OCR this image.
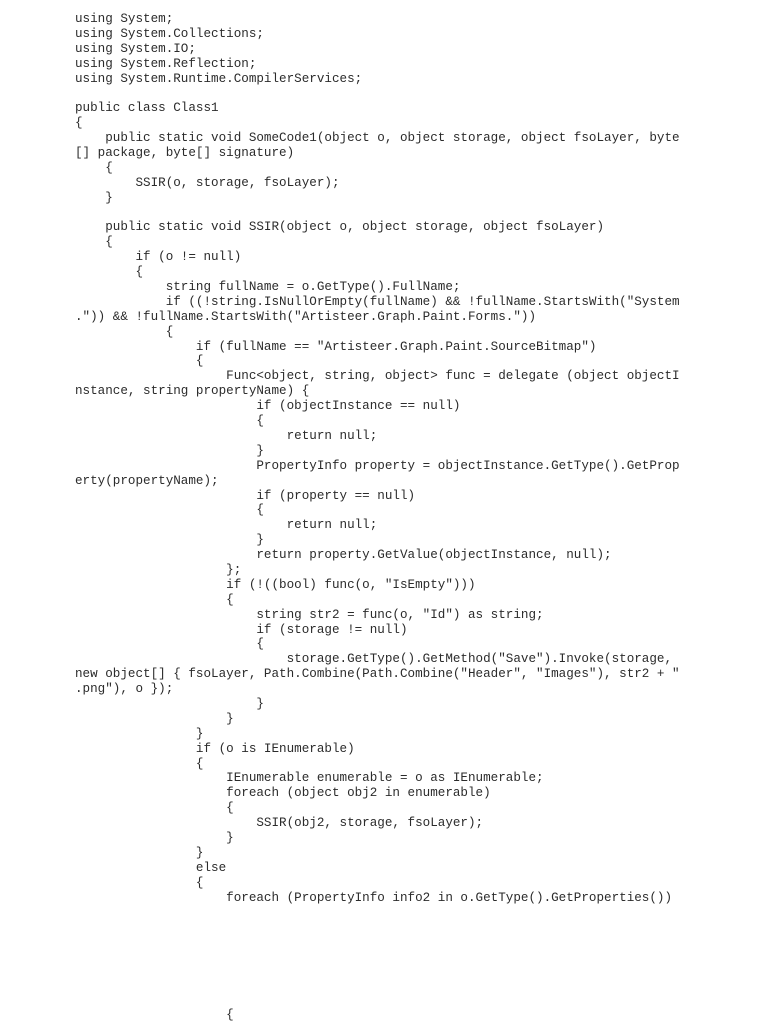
using System;
using System.Collections;
using System.IO;
using System.Reflection;
using System.Runtime.CompilerServices;
public class Class1
{
public static void SomeCode1(object o, object storage, object fsoLayer, byte
[] package, byte[] signature)
{
SSIR(o, storage, fsoLayer);
}
public static void SSIR(object o, object storage, object fsoLayer)
{
if (o != null)
{
string fullName = o.GetType().FullName;
if ((!string.IsNullOrEmpty(fullName) && !fullName.StartsWith("System
.")) && !fullName.StartsWith("Artisteer.Graph.Paint.Forms."))
{
if (fullName == "Artisteer.Graph.Paint.SourceBitmap")
{
Func<object, string, object> func = delegate (object objectI
nstance, string propertyName) {
if (objectInstance == null)
{
return null;
}
PropertyInfo property = objectInstance.GetType().GetProp
erty(propertyName);
if (property == null)
{
return null;
}
return property.GetValue(objectInstance, null);
};
if (!((bool) func(o, "IsEmpty")))
{
string str2 = func(o, "Id") as string;
if (storage != null)
{
storage.GetType().GetMethod("Save").Invoke(storage,
new object[] { fsoLayer, Path.Combine(Path.Combine("Header", "Images"), str2 + "
.png"), o });
}
}
}
if (o is IEnumerable)
{
IEnumerable enumerable = o as IEnumerable;
foreach (object obj2 in enumerable)
{
SSIR(obj2, storage, fsoLayer);
}
}
else
{
foreach (PropertyInfo info2 in o.GetType().GetProperties())
{
